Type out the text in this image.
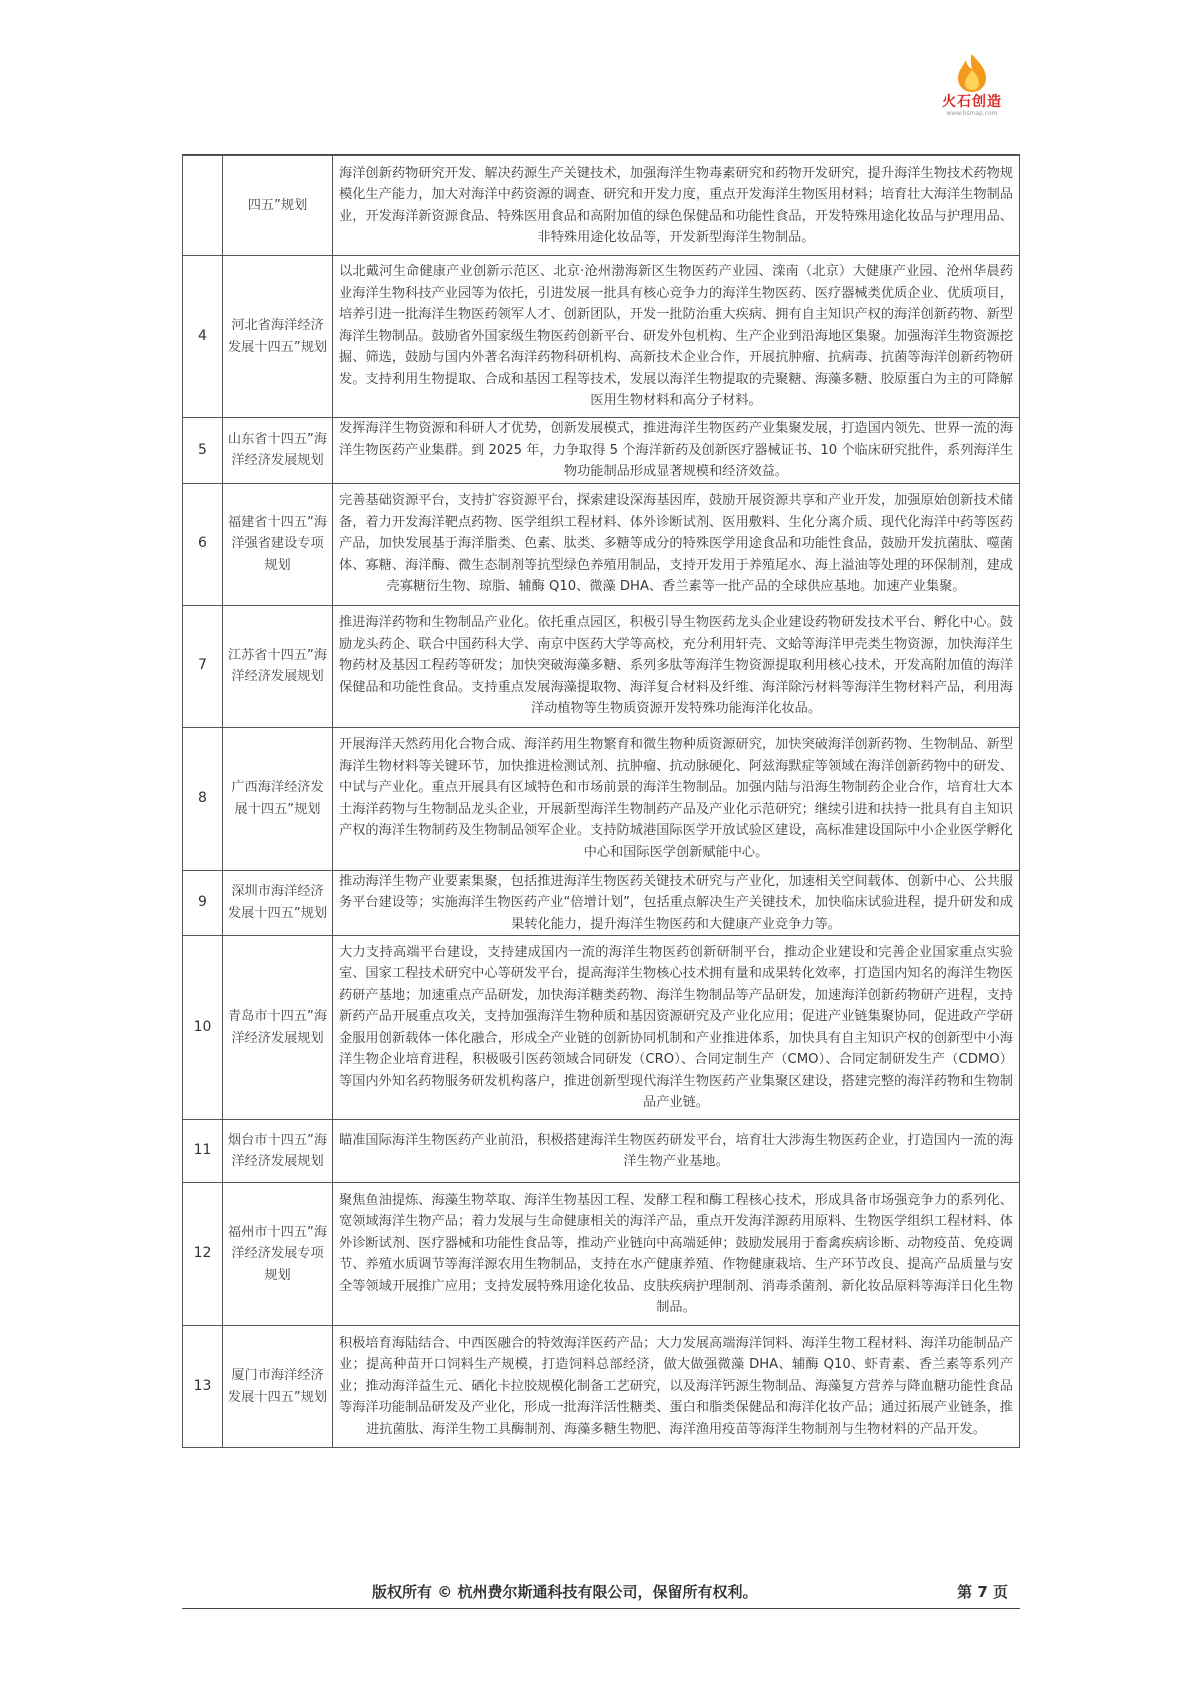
火石创造
www.hsmap.com
	四五”规划	海洋创新药物研究开发、解决药源生产关键技术，加强海洋生物毒素研究和药物开发研究，提升海洋生物技术药物规模化生产能力，加大对海洋中药资源的调查、研究和开发力度，重点开发海洋生物医用材料；培育壮大海洋生物制品业，开发海洋新资源食品、特殊医用食品和高附加值的绿色保健品和功能性食品，开发特殊用途化妆品与护理用品、非特殊用途化妆品等，开发新型海洋生物制品。
4	河北省海洋经济发展十四五”规划	以北戴河生命健康产业创新示范区、北京·沧州渤海新区生物医药产业园、滦南（北京）大健康产业园、沧州华晨药业海洋生物科技产业园等为依托，引进发展一批具有核心竞争力的海洋生物医药、医疗器械类优质企业、优质项目，培养引进一批海洋生物医药领军人才、创新团队，开发一批防治重大疾病、拥有自主知识产权的海洋创新药物、新型海洋生物制品。鼓励省外国家级生物医药创新平台、研发外包机构、生产企业到沿海地区集聚。加强海洋生物资源挖掘、筛选，鼓励与国内外著名海洋药物科研机构、高新技术企业合作，开展抗肿瘤、抗病毒、抗菌等海洋创新药物研发。支持利用生物提取、合成和基因工程等技术，发展以海洋生物提取的壳聚糖、海藻多糖、胶原蛋白为主的可降解医用生物材料和高分子材料。
5	山东省十四五”海洋经济发展规划	发挥海洋生物资源和科研人才优势，创新发展模式，推进海洋生物医药产业集聚发展，打造国内领先、世界一流的海洋生物医药产业集群。到 2025 年，力争取得 5 个海洋新药及创新医疗器械证书、10 个临床研究批件，系列海洋生物功能制品形成显著规模和经济效益。
6	福建省十四五”海洋强省建设专项规划	完善基础资源平台，支持扩容资源平台，探索建设深海基因库，鼓励开展资源共享和产业开发，加强原始创新技术储备，着力开发海洋靶点药物、医学组织工程材料、体外诊断试剂、医用敷料、生化分离介质、现代化海洋中药等医药产品，加快发展基于海洋脂类、色素、肽类、多糖等成分的特殊医学用途食品和功能性食品，鼓励开发抗菌肽、噬菌体、寡糖、海洋酶、微生态制剂等抗型绿色养殖用制品，支持开发用于养殖尾水、海上溢油等处理的环保制剂，建成壳寡糖衍生物、琼脂、辅酶 Q10、微藻 DHA、香兰素等一批产品的全球供应基地。加速产业集聚。
7	江苏省十四五”海洋经济发展规划	推进海洋药物和生物制品产业化。依托重点园区，积极引导生物医药龙头企业建设药物研发技术平台、孵化中心。鼓励龙头药企、联合中国药科大学、南京中医药大学等高校，充分利用轩壳、文蛤等海洋甲壳类生物资源，加快海洋生物药材及基因工程药等研发；加快突破海藻多糖、系列多肽等海洋生物资源提取利用核心技术，开发高附加值的海洋保健品和功能性食品。支持重点发展海藻提取物、海洋复合材料及纤维、海洋除污材料等海洋生物材料产品，利用海洋动植物等生物质资源开发特殊功能海洋化妆品。
8	广西海洋经济发展十四五”规划	开展海洋天然药用化合物合成、海洋药用生物繁育和微生物种质资源研究，加快突破海洋创新药物、生物制品、新型海洋生物材料等关键环节，加快推进检测试剂、抗肿瘤、抗动脉硬化、阿兹海默症等领域在海洋创新药物中的研发、中试与产业化。重点开展具有区域特色和市场前景的海洋生物制品。加强内陆与沿海生物制药企业合作，培育壮大本土海洋药物与生物制品龙头企业，开展新型海洋生物制药产品及产业化示范研究；继续引进和扶持一批具有自主知识产权的海洋生物制药及生物制品领军企业。支持防城港国际医学开放试验区建设，高标准建设国际中小企业医学孵化中心和国际医学创新赋能中心。
9	深圳市海洋经济发展十四五”规划	推动海洋生物产业要素集聚，包括推进海洋生物医药关键技术研究与产业化，加速相关空间载体、创新中心、公共服务平台建设等；实施海洋生物医药产业“倍增计划”，包括重点解决生产关键技术，加快临床试验进程，提升研发和成果转化能力，提升海洋生物医药和大健康产业竞争力等。
10	青岛市十四五”海洋经济发展规划	大力支持高端平台建设，支持建成国内一流的海洋生物医药创新研制平台，推动企业建设和完善企业国家重点实验室、国家工程技术研究中心等研发平台，提高海洋生物核心技术拥有量和成果转化效率，打造国内知名的海洋生物医药研产基地；加速重点产品研发，加快海洋糖类药物、海洋生物制品等产品研发，加速海洋创新药物研产进程，支持新药产品开展重点攻关，支持加强海洋生物种质和基因资源研究及产业化应用；促进产业链集聚协同，促进政产学研金服用创新载体一体化融合，形成全产业链的创新协同机制和产业推进体系，加快具有自主知识产权的创新型中小海洋生物企业培育进程，积极吸引医药领域合同研发（CRO）、合同定制生产（CMO）、合同定制研发生产（CDMO）等国内外知名药物服务研发机构落户，推进创新型现代海洋生物医药产业集聚区建设，搭建完整的海洋药物和生物制品产业链。
11	烟台市十四五”海洋经济发展规划	瞄准国际海洋生物医药产业前沿，积极搭建海洋生物医药研发平台，培育壮大涉海生物医药企业，打造国内一流的海洋生物产业基地。
12	福州市十四五”海洋经济发展专项规划	聚焦鱼油提炼、海藻生物萃取、海洋生物基因工程、发酵工程和酶工程核心技术，形成具备市场强竞争力的系列化、宽领域海洋生物产品；着力发展与生命健康相关的海洋产品，重点开发海洋源药用原料、生物医学组织工程材料、体外诊断试剂、医疗器械和功能性食品等，推动产业链向中高端延伸；鼓励发展用于畜禽疾病诊断、动物疫苗、免疫调节、养殖水质调节等海洋源农用生物制品，支持在水产健康养殖、作物健康栽培、生产环节改良、提高产品质量与安全等领域开展推广应用；支持发展特殊用途化妆品、皮肤疾病护理制剂、消毒杀菌剂、新化妆品原料等海洋日化生物制品。
13	厦门市海洋经济发展十四五”规划	积极培育海陆结合、中西医融合的特效海洋医药产品；大力发展高端海洋饲料、海洋生物工程材料、海洋功能制品产业；提高种苗开口饲料生产规模，打造饲料总部经济，做大做强微藻 DHA、辅酶 Q10、虾青素、香兰素等系列产业；推动海洋益生元、硒化卡拉胶规模化制备工艺研究，以及海洋钙源生物制品、海藻复方营养与降血糖功能性食品等海洋功能制品研发及产业化，形成一批海洋活性糖类、蛋白和脂类保健品和海洋化妆产品；通过拓展产业链条，推进抗菌肽、海洋生物工具酶制剂、海藻多糖生物肥、海洋渔用疫苗等海洋生物制剂与生物材料的产品开发。
版权所有 © 杭州费尔斯通科技有限公司，保留所有权利。	第 7 页
